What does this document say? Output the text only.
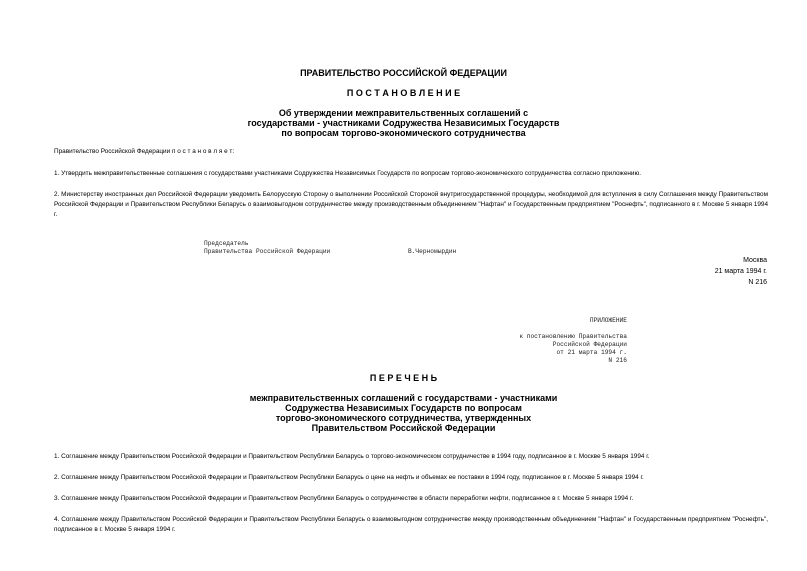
ПРАВИТЕЛЬСТВО РОССИЙСКОЙ ФЕДЕРАЦИИ
П О С Т А Н О В Л Е Н И Е
Об утверждении межправительственных соглашений с
государствами - участниками Содружества Независимых Государств
по вопросам торгово-экономического сотрудничества
Правительство Российской Федерации п о с т а н о в л я е т:
1. Утвердить межправительственные соглашения с государствами участниками Содружества Независимых Государств по вопросам торгово-экономического сотрудничества согласно приложению.
2. Министерству иностранных дел Российской Федерации уведомить Белорусскую Сторону о выполнении Российской Стороной внутригосударственной процедуры, необходимой для вступления в силу Соглашения между Правительством Российской Федерации и Правительством Республики Беларусь о взаимовыгодном сотрудничестве между производственным объединением "Нафтан" и Государственным предприятием "Роснефть", подписанного в г. Москве 5 января 1994 г.
Председатель
Правительства Российской Федерации	В.Черномырдин
Москва
21 марта 1994 г.
N 216
ПРИЛОЖЕНИЕ
к постановлению Правительства
Российской Федерации
от 21 марта 1994 г.
N 216
П Е Р Е Ч Е Н Ь
межправительственных соглашений с государствами - участниками
Содружества Независимых Государств по вопросам
торгово-экономического сотрудничества, утвержденных
Правительством Российской Федерации
1. Соглашение между Правительством Российской Федерации и Правительством Республики Беларусь о торгово-экономическом сотрудничестве в 1994 году, подписанное в г. Москве 5 января 1994 г.
2. Соглашение между Правительством Российской Федерации и Правительством Республики Беларусь о цене на нефть и объемах ее поставки в 1994 году, подписанное в г. Москве 5 января 1994 г.
3. Соглашение между Правительством Российской Федерации и Правительством Республики Беларусь о сотрудничестве в области переработки нефти, подписанное в г. Москве 5 января 1994 г.
4. Соглашение между Правительством Российской Федерации и Правительством Республики Беларусь о взаимовыгодном сотрудничестве между производственным объединением "Нафтан" и Государственным предприятием "Роснефть", подписанное в г. Москве 5 января 1994 г.
